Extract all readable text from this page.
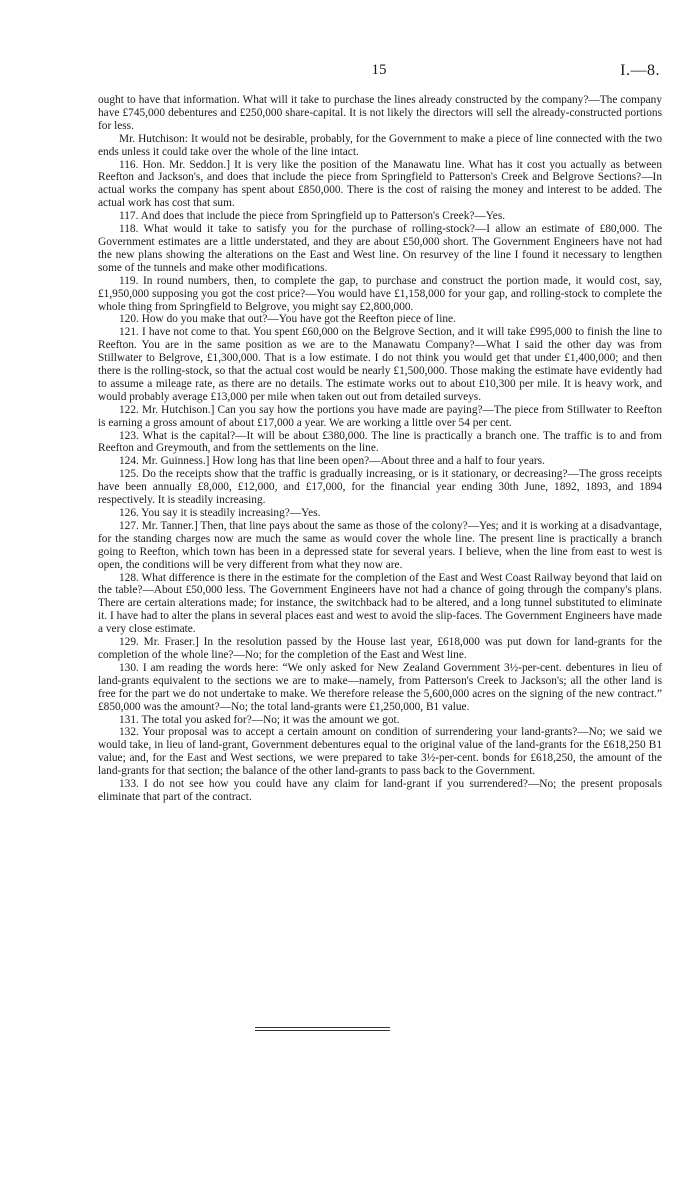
15	I.—8.

ought to have that information. What will it take to purchase the lines already constructed by the company?—The company have £745,000 debentures and £250,000 share-capital. It is not likely the directors will sell the already-constructed portions for less.

Mr. Hutchison: It would not be desirable, probably, for the Government to make a piece of line connected with the two ends unless it could take over the whole of the line intact.

116. Hon. Mr. Seddon.] It is very like the position of the Manawatu line. What has it cost you actually as between Reefton and Jackson's, and does that include the piece from Springfield to Patterson's Creek and Belgrove Sections?—In actual works the company has spent about £850,000. There is the cost of raising the money and interest to be added. The actual work has cost that sum.

117. And does that include the piece from Springfield up to Patterson's Creek?—Yes.

118. What would it take to satisfy you for the purchase of rolling-stock?—I allow an estimate of £80,000. The Government estimates are a little understated, and they are about £50,000 short. The Government Engineers have not had the new plans showing the alterations on the East and West line. On resurvey of the line I found it necessary to lengthen some of the tunnels and make other modifications.

119. In round numbers, then, to complete the gap, to purchase and construct the portion made, it would cost, say, £1,950,000 supposing you got the cost price?—You would have £1,158,000 for your gap, and rolling-stock to complete the whole thing from Springfield to Belgrove, you might say £2,800,000.

120. How do you make that out?—You have got the Reefton piece of line.

121. I have not come to that. You spent £60,000 on the Belgrove Section, and it will take £995,000 to finish the line to Reefton. You are in the same position as we are to the Manawatu Company?—What I said the other day was from Stillwater to Belgrove, £1,300,000. That is a low estimate. I do not think you would get that under £1,400,000; and then there is the rolling-stock, so that the actual cost would be nearly £1,500,000. Those making the estimate have evidently had to assume a mileage rate, as there are no details. The estimate works out to about £10,300 per mile. It is heavy work, and would probably average £13,000 per mile when taken out out from detailed surveys.

122. Mr. Hutchison.] Can you say how the portions you have made are paying?—The piece from Stillwater to Reefton is earning a gross amount of about £17,000 a year. We are working a little over 54 per cent.

123. What is the capital?—It will be about £380,000. The line is practically a branch one. The traffic is to and from Reefton and Greymouth, and from the settlements on the line.

124. Mr. Guinness.] How long has that line been open?—About three and a half to four years.

125. Do the receipts show that the traffic is gradually increasing, or is it stationary, or decreasing?—The gross receipts have been annually £8,000, £12,000, and £17,000, for the financial year ending 30th June, 1892, 1893, and 1894 respectively. It is steadily increasing.

126. You say it is steadily increasing?—Yes.

127. Mr. Tanner.] Then, that line pays about the same as those of the colony?—Yes; and it is working at a disadvantage, for the standing charges now are much the same as would cover the whole line. The present line is practically a branch going to Reefton, which town has been in a depressed state for several years. I believe, when the line from east to west is open, the conditions will be very different from what they now are.

128. What difference is there in the estimate for the completion of the East and West Coast Railway beyond that laid on the table?—About £50,000 less. The Government Engineers have not had a chance of going through the company's plans. There are certain alterations made; for instance, the switchback had to be altered, and a long tunnel substituted to eliminate it. I have had to alter the plans in several places east and west to avoid the slip-faces. The Government Engineers have made a very close estimate.

129. Mr. Fraser.] In the resolution passed by the House last year, £618,000 was put down for land-grants for the completion of the whole line?—No; for the completion of the East and West line.

130. I am reading the words here: “We only asked for New Zealand Government 3½-per-cent. debentures in lieu of land-grants equivalent to the sections we are to make—namely, from Patterson's Creek to Jackson's; all the other land is free for the part we do not undertake to make. We therefore release the 5,600,000 acres on the signing of the new contract.” £850,000 was the amount?—No; the total land-grants were £1,250,000, B1 value.

131. The total you asked for?—No; it was the amount we got.

132. Your proposal was to accept a certain amount on condition of surrendering your land-grants?—No; we said we would take, in lieu of land-grant, Government debentures equal to the original value of the land-grants for the £618,250 B1 value; and, for the East and West sections, we were prepared to take 3½-per-cent. bonds for £618,250, the amount of the land-grants for that section; the balance of the other land-grants to pass back to the Government.

133. I do not see how you could have any claim for land-grant if you surrendered?—No; the present proposals eliminate that part of the contract.
